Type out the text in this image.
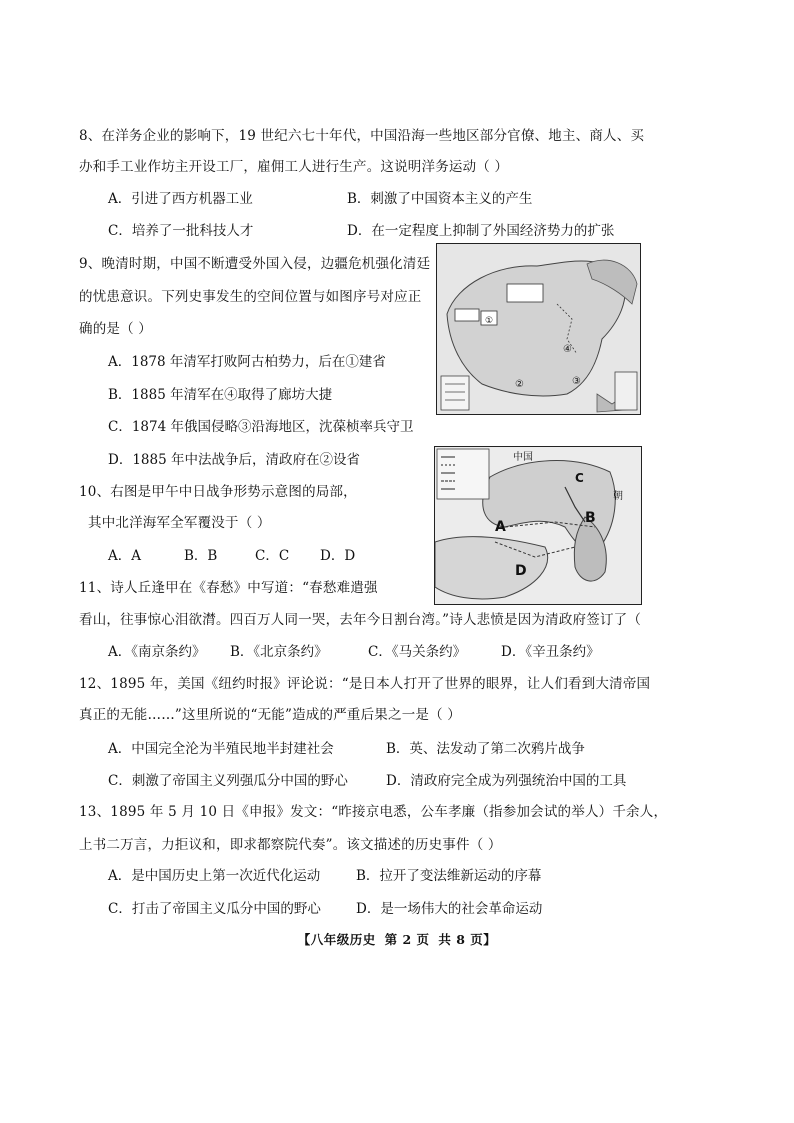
8、在洋务企业的影响下，19 世纪六七十年代，中国沿海一些地区部分官僚、地主、商人、买
办和手工业作坊主开设工厂，雇佣工人进行生产。这说明洋务运动（ ）
A．引进了西方机器工业	B．刺激了中国资本主义的产生
C．培养了一批科技人才	D．在一定程度上抑制了外国经济势力的扩张
9、晚清时期，中国不断遭受外国入侵，边疆危机强化清廷
的忧患意识。下列史事发生的空间位置与如图序号对应正
确的是（ ）
A．1878 年清军打败阿古柏势力，后在①建省
B．1885 年清军在④取得了廊坊大捷
C．1874 年俄国侵略③沿海地区，沈葆桢率兵守卫
D．1885 年中法战争后，清政府在②设省
①
②
④
③
10、右图是甲午中日战争形势示意图的局部，
其中北洋海军全军覆没于（ ）
A．A	B．B	C．C D．D
中国
朝
A
B
C
D
11、诗人丘逢甲在《春愁》中写道：“春愁难遣强
看山，往事惊心泪欲潸。四百万人同一哭，去年今日割台湾。”诗人悲愤是因为清政府签订了（
A．《南京条约》 B．《北京条约》	C．《马关条约》	D．《辛丑条约》
12、1895 年，美国《纽约时报》评论说：“是日本人打开了世界的眼界，让人们看到大清帝国
真正的无能……”这里所说的“无能”造成的严重后果之一是（ ）
A．中国完全沦为半殖民地半封建社会	B．英、法发动了第二次鸦片战争
C．刺激了帝国主义列强瓜分中国的野心	D．清政府完全成为列强统治中国的工具
13、1895 年 5 月 10 日《申报》发文：“昨接京电悉，公车孝廉（指参加会试的举人）千余人，
上书二万言，力拒议和，即求都察院代奏”。该文描述的历史事件（ ）
A．是中国历史上第一次近代化运动	B．拉开了变法维新运动的序幕
C．打击了帝国主义瓜分中国的野心	D．是一场伟大的社会革命运动
【八年级历史 第 2 页 共 8 页】
